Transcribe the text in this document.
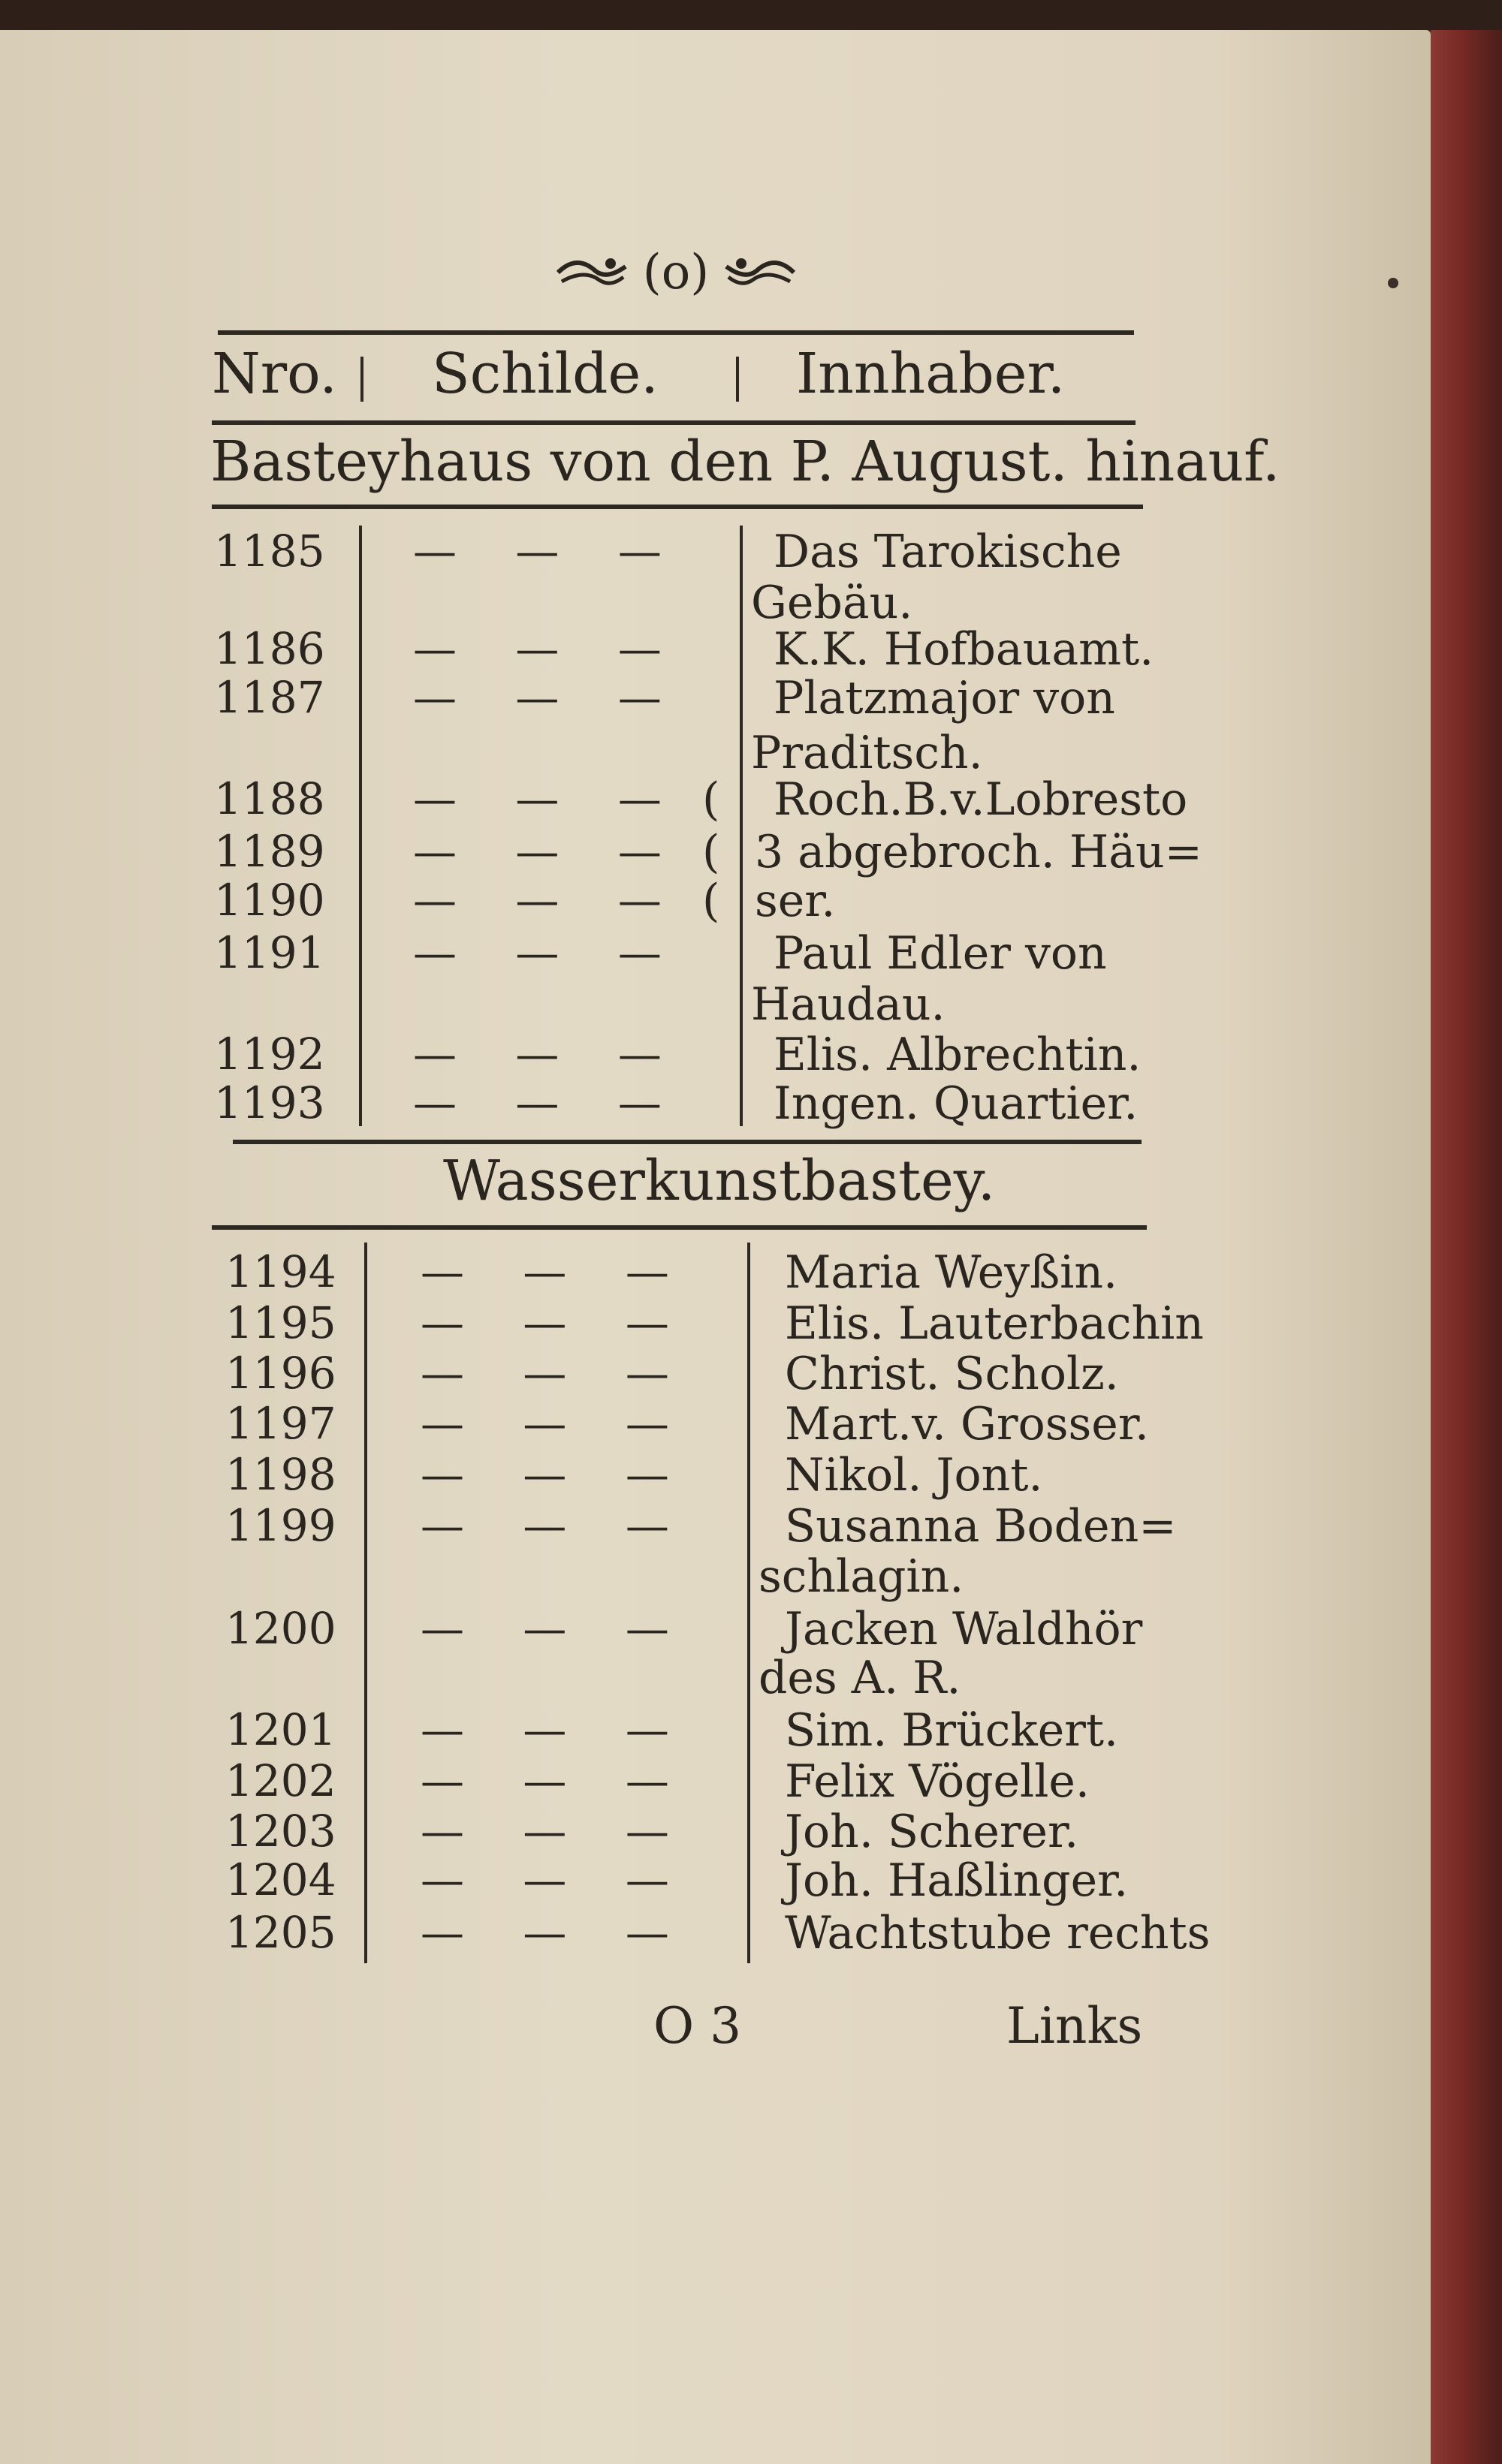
(o)
Nro. Schilde. Innhaber.
Basteyhaus von den P. August. hinauf.
Wasserkunstbastey.
O 3	Links
1185 — — — Das Tarokische
Gebäu.
1186 — — — K.K. Hofbauamt.
1187 — — — Platzmajor von
Praditsch.
1188 — — — ( Roch.B.v.Lobresto
1189 — — — ( 3 abgebroch. Häu=
1190 — — — ( ser.
1191 — — — Paul Edler von
Haudau.
1192 — — — Elis. Albrechtin.
1193 — — — Ingen. Quartier.
1194 — — — Maria Weyßin.
1195 — — — Elis. Lauterbachin
1196 — — — Christ. Scholz.
1197 — — — Mart.v. Grosser.
1198 — — — Nikol. Jont.
1199 — — — Susanna Boden=
schlagin.
1200 — — — Jacken Waldhör
des A. R.
1201 — — — Sim. Brückert.
1202 — — — Felix Vögelle.
1203 — — — Joh. Scherer.
1204 — — — Joh. Haßlinger.
1205 — — — Wachtstube rechts
